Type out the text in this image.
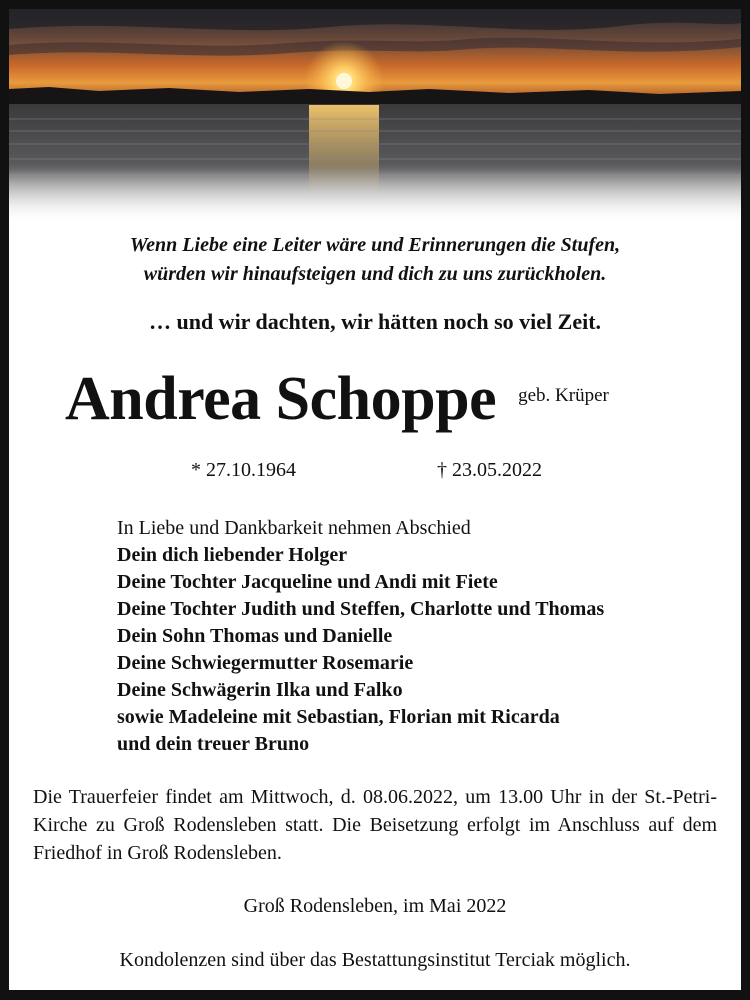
Wenn Liebe eine Leiter wäre und Erinnerungen die Stufen,
würden wir hinaufsteigen und dich zu uns zurückholen.
… und wir dachten, wir hätten noch so viel Zeit.
Andrea Schoppe geb. Krüper
* 27.10.1964	† 23.05.2022
In Liebe und Dankbarkeit nehmen Abschied
Dein dich liebender Holger
Deine Tochter Jacqueline und Andi mit Fiete
Deine Tochter Judith und Steffen, Charlotte und Thomas
Dein Sohn Thomas und Danielle
Deine Schwiegermutter Rosemarie
Deine Schwägerin Ilka und Falko
sowie Madeleine mit Sebastian, Florian mit Ricarda
und dein treuer Bruno
Die Trauerfeier findet am Mittwoch, d. 08.06.2022, um 13.00 Uhr in der St.-Petri-Kirche zu Groß Rodensleben statt. Die Beisetzung erfolgt im Anschluss auf dem Friedhof in Groß Rodensleben.
Groß Rodensleben, im Mai 2022
Kondolenzen sind über das Bestattungsinstitut Terciak möglich.
